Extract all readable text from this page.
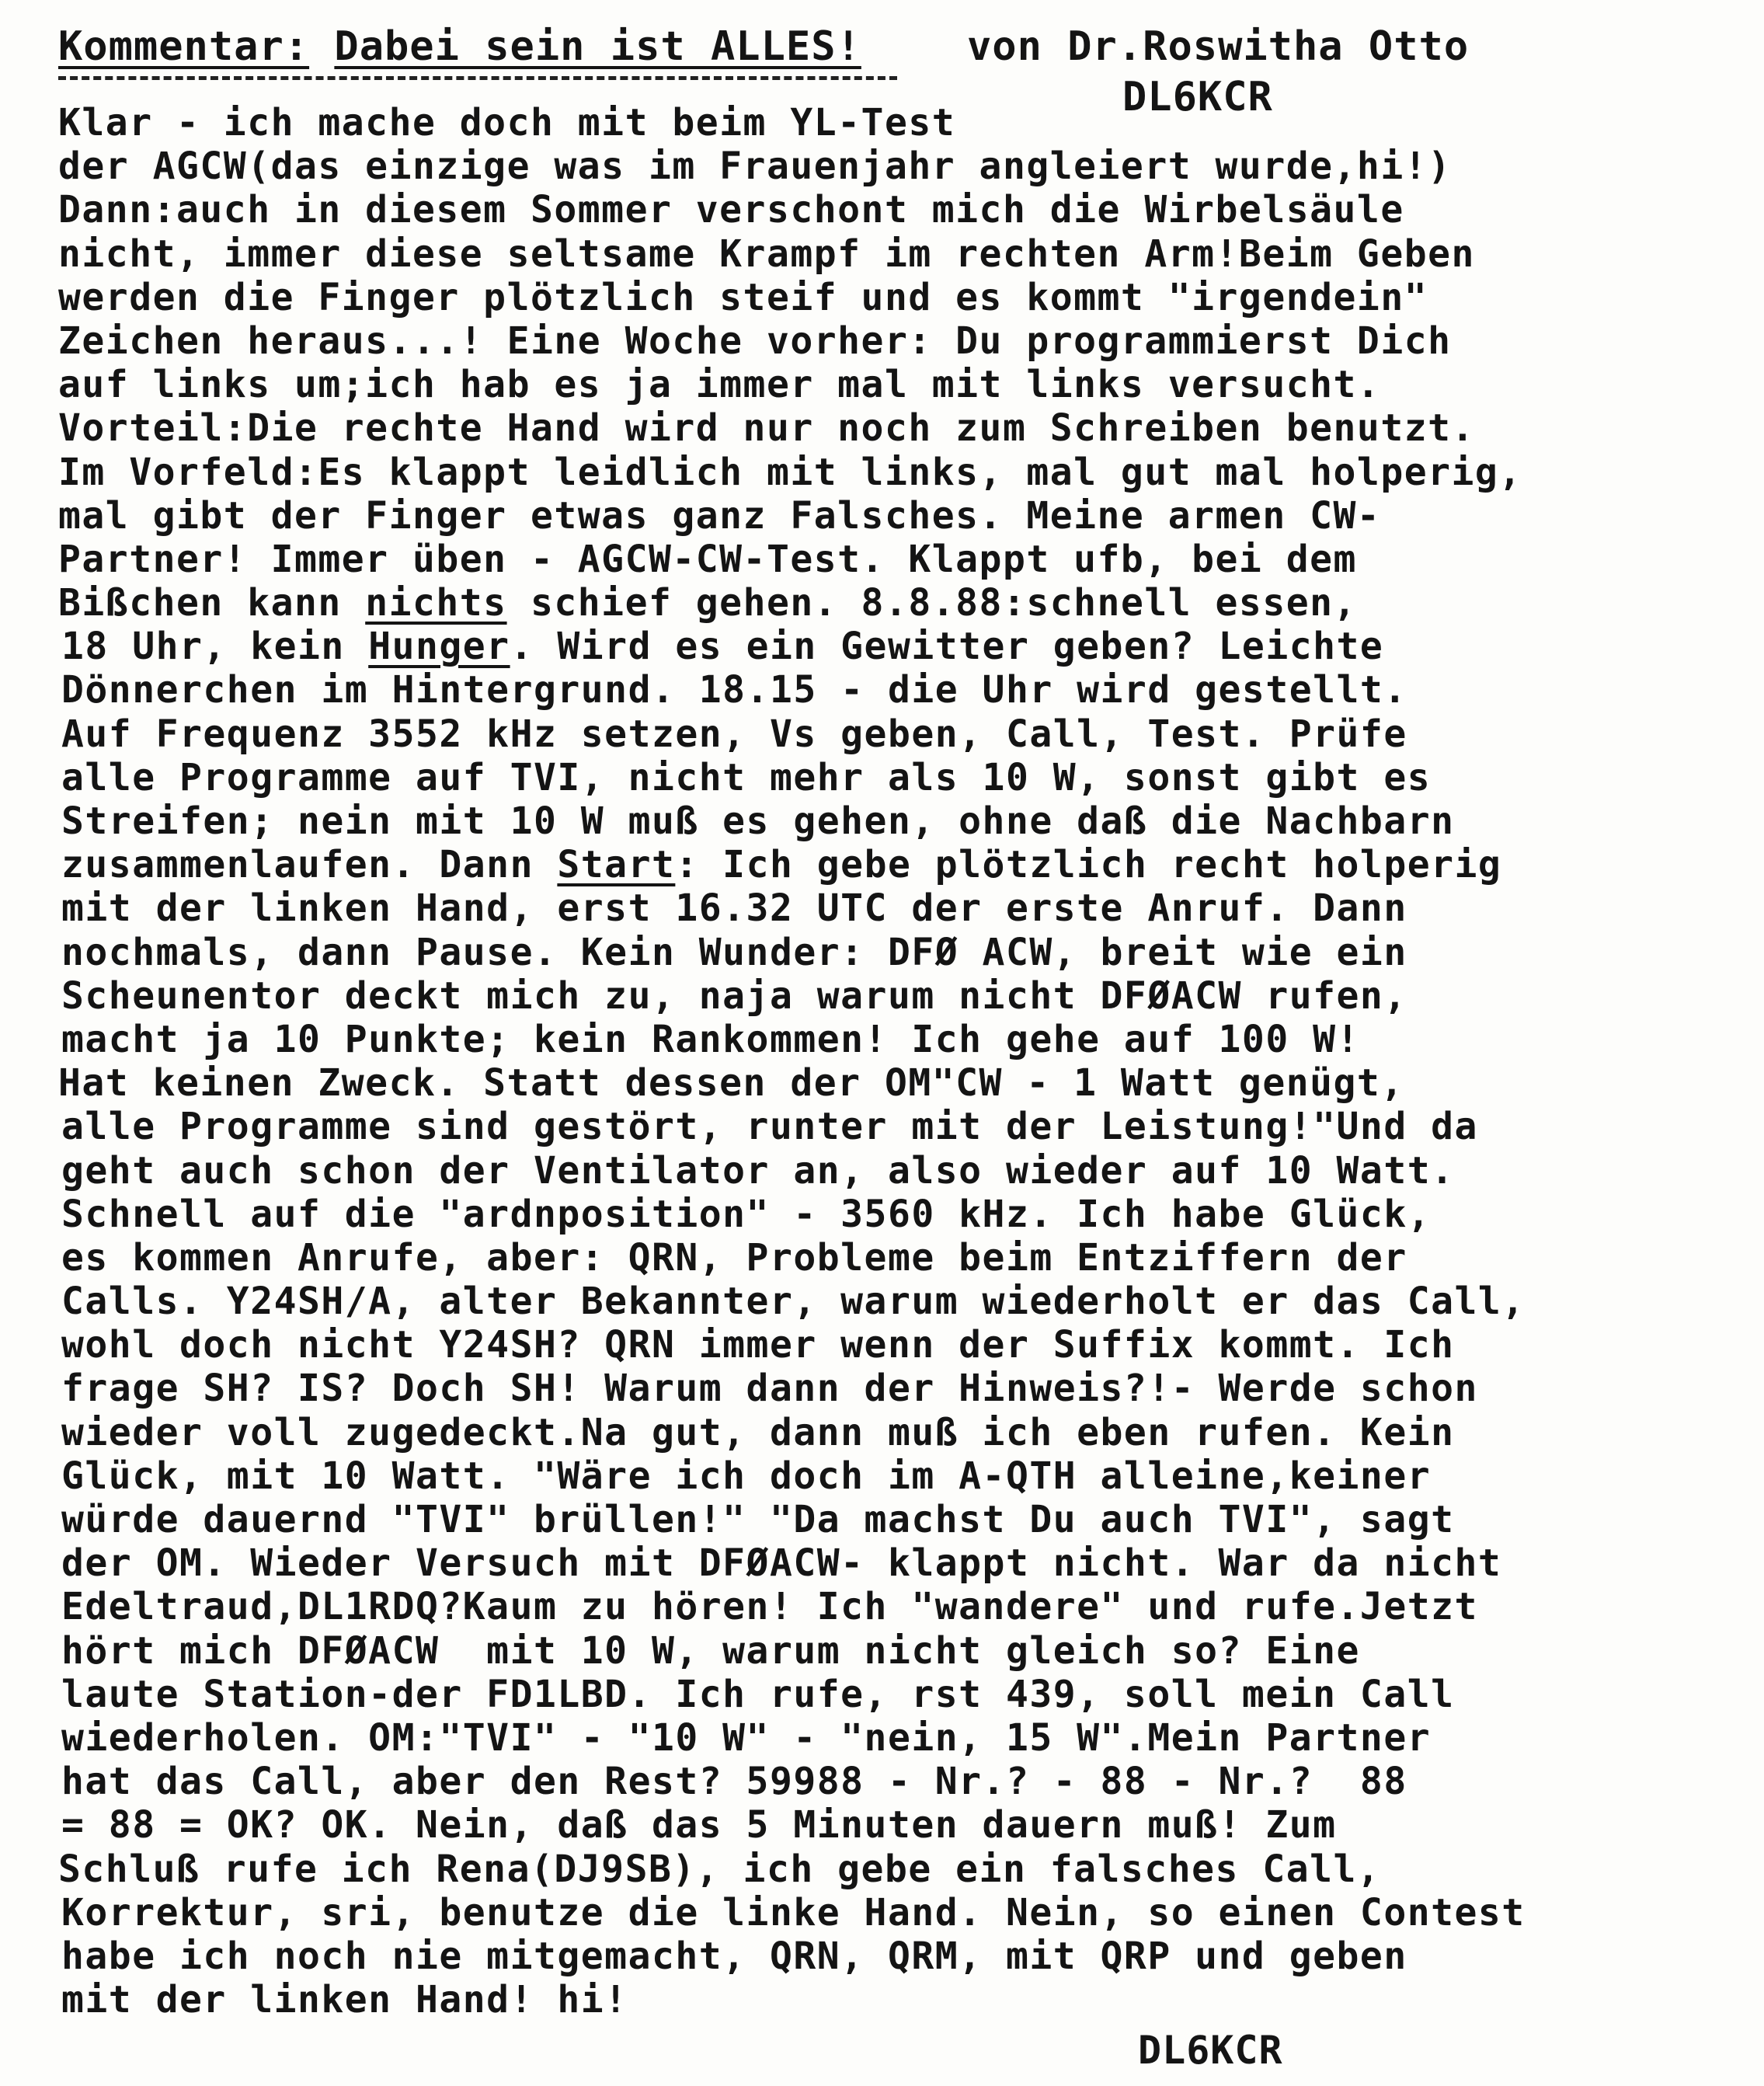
Kommentar: Dabei sein ist ALLES!	von Dr.Roswitha Otto
DL6KCR
Klar - ich mache doch mit beim YL-Test
der AGCW(das einzige was im Frauenjahr angleiert wurde,hi!)
Dann:auch in diesem Sommer verschont mich die Wirbelsäule
nicht, immer diese seltsame Krampf im rechten Arm!Beim Geben
werden die Finger plötzlich steif und es kommt "irgendein"
Zeichen heraus...! Eine Woche vorher: Du programmierst Dich
auf links um;ich hab es ja immer mal mit links versucht.
Vorteil:Die rechte Hand wird nur noch zum Schreiben benutzt.
Im Vorfeld:Es klappt leidlich mit links, mal gut mal holperig,
mal gibt der Finger etwas ganz Falsches. Meine armen CW-
Partner! Immer üben - AGCW-CW-Test. Klappt ufb, bei dem
Bißchen kann nichts schief gehen. 8.8.88:schnell essen,
18 Uhr, kein Hunger. Wird es ein Gewitter geben? Leichte
Dönnerchen im Hintergrund. 18.15 - die Uhr wird gestellt.
Auf Frequenz 3552 kHz setzen, Vs geben, Call, Test. Prüfe
alle Programme auf TVI, nicht mehr als 10 W, sonst gibt es
Streifen; nein mit 10 W muß es gehen, ohne daß die Nachbarn
zusammenlaufen. Dann Start: Ich gebe plötzlich recht holperig
mit der linken Hand, erst 16.32 UTC der erste Anruf. Dann
nochmals, dann Pause. Kein Wunder: DFØ ACW, breit wie ein
Scheunentor deckt mich zu, naja warum nicht DFØACW rufen,
macht ja 10 Punkte; kein Rankommen! Ich gehe auf 100 W!
Hat keinen Zweck. Statt dessen der OM"CW - 1 Watt genügt,
alle Programme sind gestört, runter mit der Leistung!"Und da
geht auch schon der Ventilator an, also wieder auf 10 Watt.
Schnell auf die "ardnposition" - 3560 kHz. Ich habe Glück,
es kommen Anrufe, aber: QRN, Probleme beim Entziffern der
Calls. Y24SH/A, alter Bekannter, warum wiederholt er das Call,
wohl doch nicht Y24SH? QRN immer wenn der Suffix kommt. Ich
frage SH? IS? Doch SH! Warum dann der Hinweis?!- Werde schon
wieder voll zugedeckt.Na gut, dann muß ich eben rufen. Kein
Glück, mit 10 Watt. "Wäre ich doch im A-QTH alleine,keiner
würde dauernd "TVI" brüllen!" "Da machst Du auch TVI", sagt
der OM. Wieder Versuch mit DFØACW- klappt nicht. War da nicht
Edeltraud,DL1RDQ?Kaum zu hören! Ich "wandere" und rufe.Jetzt
hört mich DFØACW  mit 10 W, warum nicht gleich so? Eine
laute Station-der FD1LBD. Ich rufe, rst 439, soll mein Call
wiederholen. OM:"TVI" - "10 W" - "nein, 15 W".Mein Partner
hat das Call, aber den Rest? 59988 - Nr.? - 88 - Nr.?  88
= 88 = OK? OK. Nein, daß das 5 Minuten dauern muß! Zum
Schluß rufe ich Rena(DJ9SB), ich gebe ein falsches Call,
Korrektur, sri, benutze die linke Hand. Nein, so einen Contest
habe ich noch nie mitgemacht, QRN, QRM, mit QRP und geben
mit der linken Hand! hi!
DL6KCR
